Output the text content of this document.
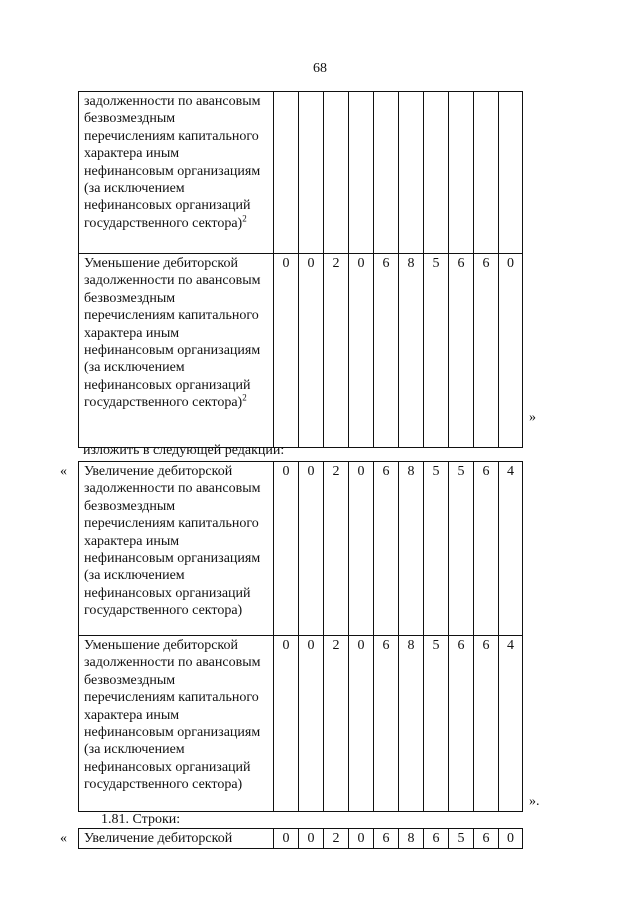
68
задолженности по авансовым безвозмездным перечислениям капитального характера иным нефинансовым организациям (за исключением нефинансовых организаций государственного сектора)$^2$										
Уменьшение дебиторской задолженности по авансовым безвозмездным перечислениям капитального характера иным нефинансовым организациям (за исключением нефинансовых организаций государственного сектора)$^2$	0	0	2	0	6	8	5	6	6	0
»
изложить в следующей редакции:
« Увеличение дебиторской задолженности по авансовым безвозмездным перечислениям капитального характера иным нефинансовым организациям (за исключением нефинансовых организаций государственного сектора)	0	0	2	0	6	8	5	5	6	4
Уменьшение дебиторской задолженности по авансовым безвозмездным перечислениям капитального характера иным нефинансовым организациям (за исключением нефинансовых организаций государственного сектора)	0	0	2	0	6	8	5	6	6	4
».
1.81. Строки:
« Увеличение дебиторской	0	0	2	0	6	8	6	5	6	0
